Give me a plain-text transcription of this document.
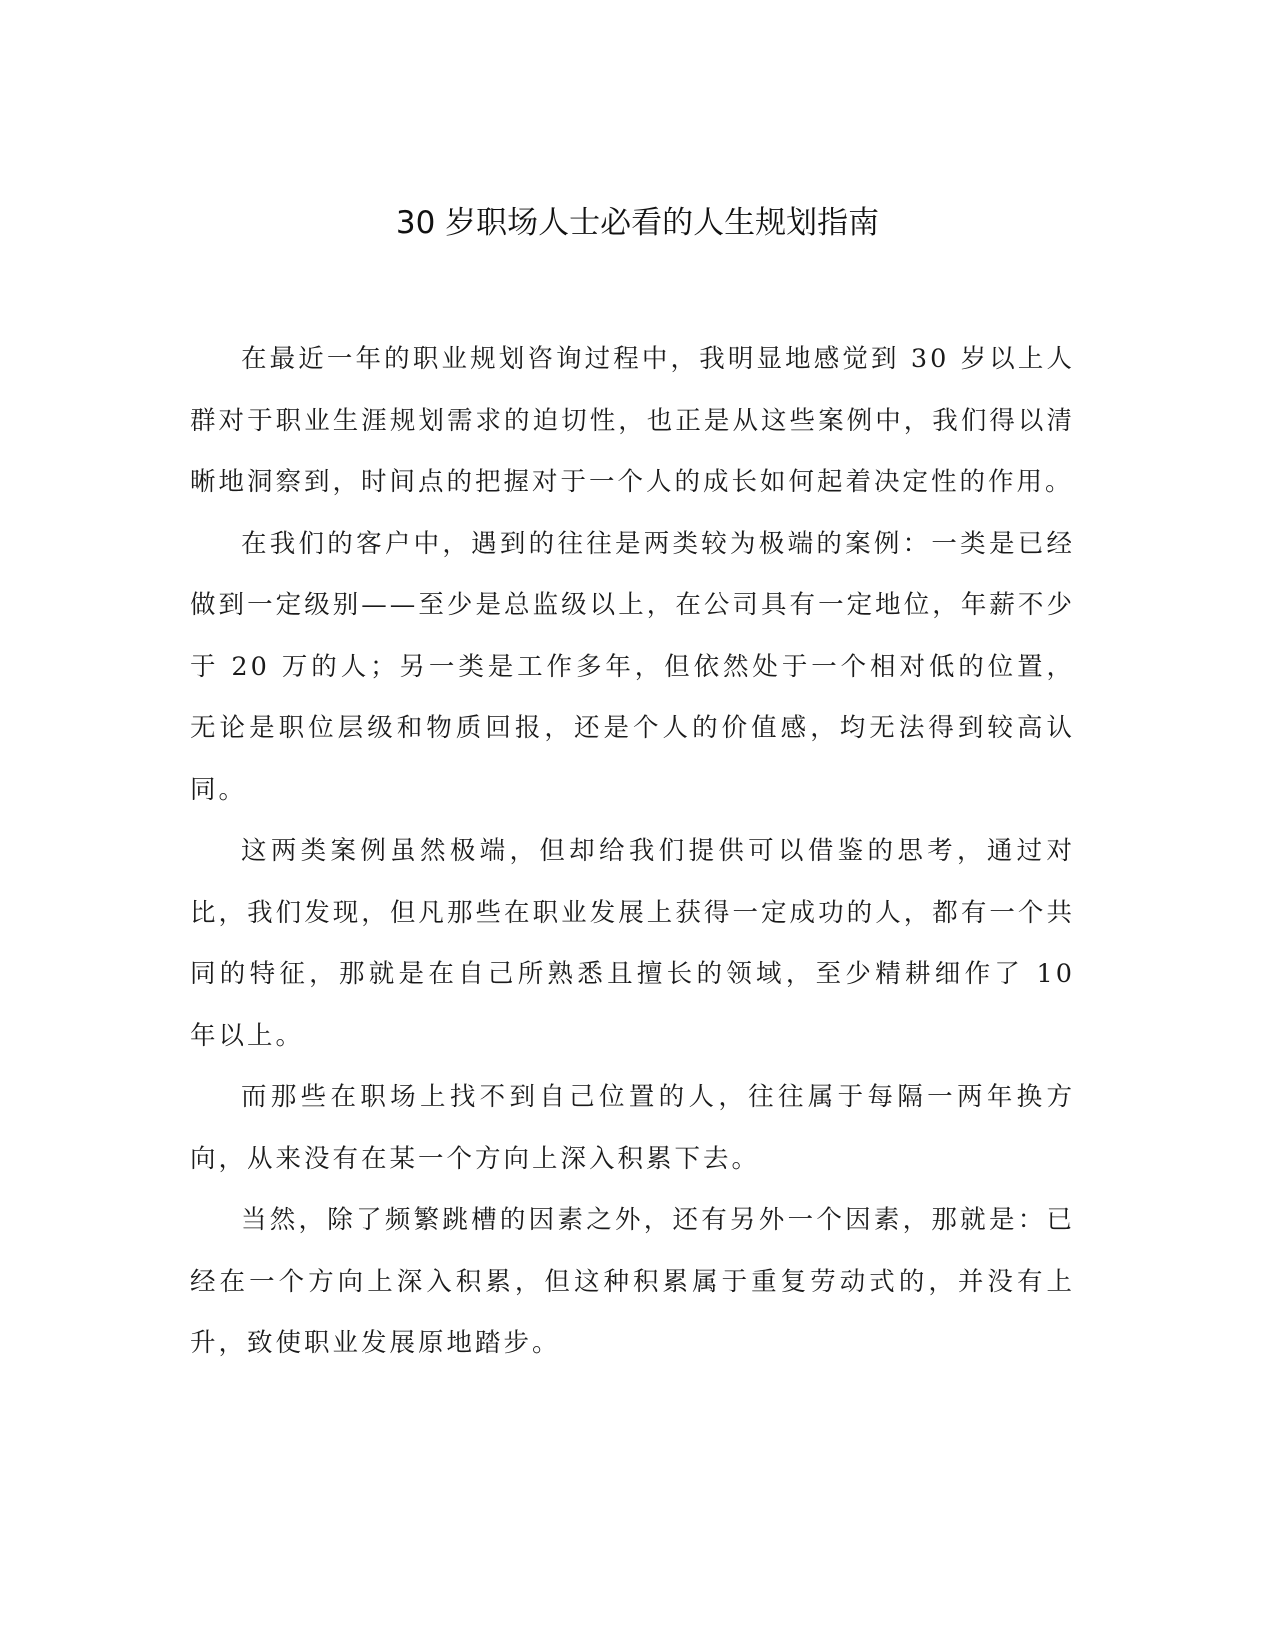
30 岁职场人士必看的人生规划指南

在最近一年的职业规划咨询过程中，我明显地感觉到 30 岁以上人群对于职业生涯规划需求的迫切性，也正是从这些案例中，我们得以清晰地洞察到，时间点的把握对于一个人的成长如何起着决定性的作用。

在我们的客户中，遇到的往往是两类较为极端的案例：一类是已经做到一定级别——至少是总监级以上，在公司具有一定地位，年薪不少于 20 万的人；另一类是工作多年，但依然处于一个相对低的位置，无论是职位层级和物质回报，还是个人的价值感，均无法得到较高认同。

这两类案例虽然极端，但却给我们提供可以借鉴的思考，通过对比，我们发现，但凡那些在职业发展上获得一定成功的人，都有一个共同的特征，那就是在自己所熟悉且擅长的领域，至少精耕细作了 10 年以上。

而那些在职场上找不到自己位置的人，往往属于每隔一两年换方向，从来没有在某一个方向上深入积累下去。

当然，除了频繁跳槽的因素之外，还有另外一个因素，那就是：已经在一个方向上深入积累，但这种积累属于重复劳动式的，并没有上升，致使职业发展原地踏步。
